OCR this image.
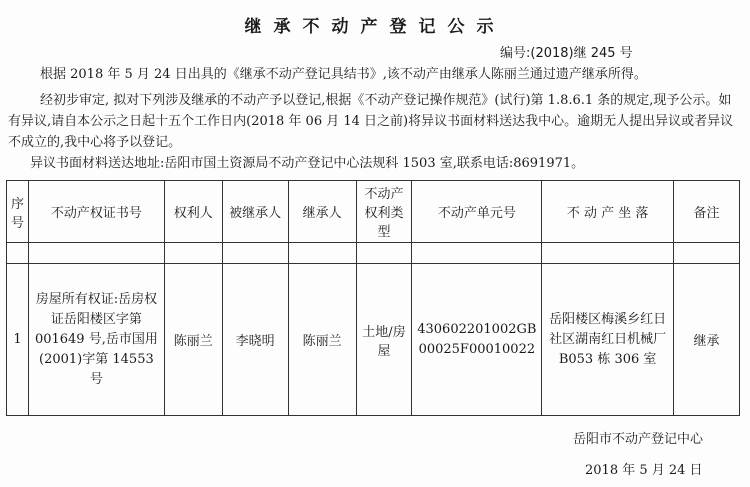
继承不动产登记公示
编号:(2018)继 245 号
根据 2018 年 5 月 24 日出具的《继承不动产登记具结书》,该不动产由继承人陈丽兰通过遗产继承所得。
经初步审定, 拟对下列涉及继承的不动产予以登记,根据《不动产登记操作规范》(试行)第 1.8.6.1 条的规定,现予公示。如有异议,请自本公示之日起十五个工作日内(2018 年 06 月 14 日之前)将异议书面材料送达我中心。逾期无人提出异议或者异议不成立的,我中心将予以登记。
异议书面材料送达地址:岳阳市国土资源局不动产登记中心法规科 1503 室,联系电话:8691971。
序号	不动产权证书号	权利人	被继承人	继承人	不动产权利类型	不动产单元号	不 动 产 坐 落	备注

1	房屋所有权证:岳房权证岳阳楼区字第 001649 号,岳市国用(2001)字第 14553 号	陈丽兰	李晓明	陈丽兰	土地/房屋	430602201002GB00025F00010022	岳阳楼区梅溪乡红日社区湖南红日机械厂 B053 栋 306 室	继承
岳阳市不动产登记中心
2018 年 5 月 24 日
